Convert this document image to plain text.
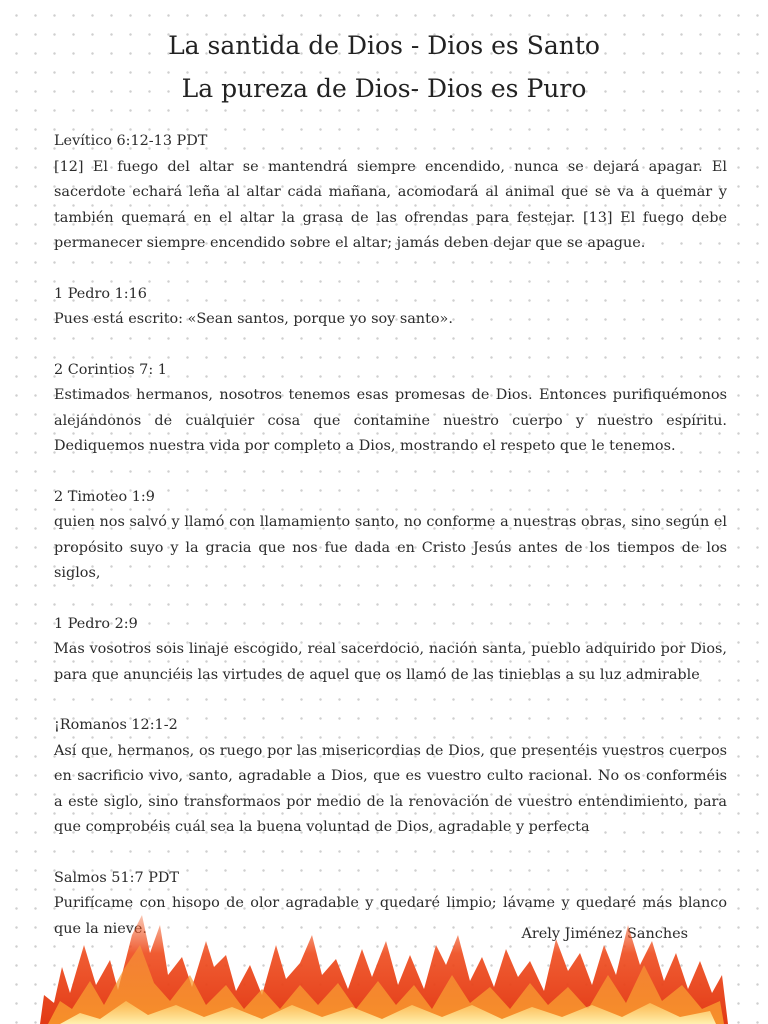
La santida de Dios - Dios es Santo
La pureza de Dios- Dios es Puro
Levítico 6:12-13 PDT
[12] El fuego del altar se mantendrá siempre encendido, nunca se dejará apagar. El sacerdote echará leña al altar cada mañana, acomodará al animal que se va a quemar y también quemará en el altar la grasa de las ofrendas para festejar. [13] El fuego debe permanecer siempre encendido sobre el altar; jamás deben dejar que se apague.
1 Pedro 1:16
Pues está escrito: «Sean santos, porque yo soy santo».
2 Corintios 7: 1
Estimados hermanos, nosotros tenemos esas promesas de Dios. Entonces purifiquémonos alejándonos de cualquier cosa que contamine nuestro cuerpo y nuestro espíritu. Dediquemos nuestra vida por completo a Dios, mostrando el respeto que le tenemos.
2 Timoteo 1:9
quien nos salvó y llamó con llamamiento santo, no conforme a nuestras obras, sino según el propósito suyo y la gracia que nos fue dada en Cristo Jesús antes de los tiempos de los siglos,
1 Pedro 2:9
Mas vosotros sois linaje escogido, real sacerdocio, nación santa, pueblo adquirido por Dios, para que anunciéis las virtudes de aquel que os llamó de las tinieblas a su luz admirable
¡Romanos 12:1-2
Así que, hermanos, os ruego por las misericordias de Dios, que presentéis vuestros cuerpos en sacrificio vivo, santo, agradable a Dios, que es vuestro culto racional. No os conforméis a este siglo, sino transformaos por medio de la renovación de vuestro entendimiento, para que comprobéis cuál sea la buena voluntad de Dios, agradable y perfecta
Salmos 51:7 PDT
Purifícame con hisopo de olor agradable y quedaré limpio; lávame y quedaré más blanco que la nieve.	Arely Jiménez Sanches
